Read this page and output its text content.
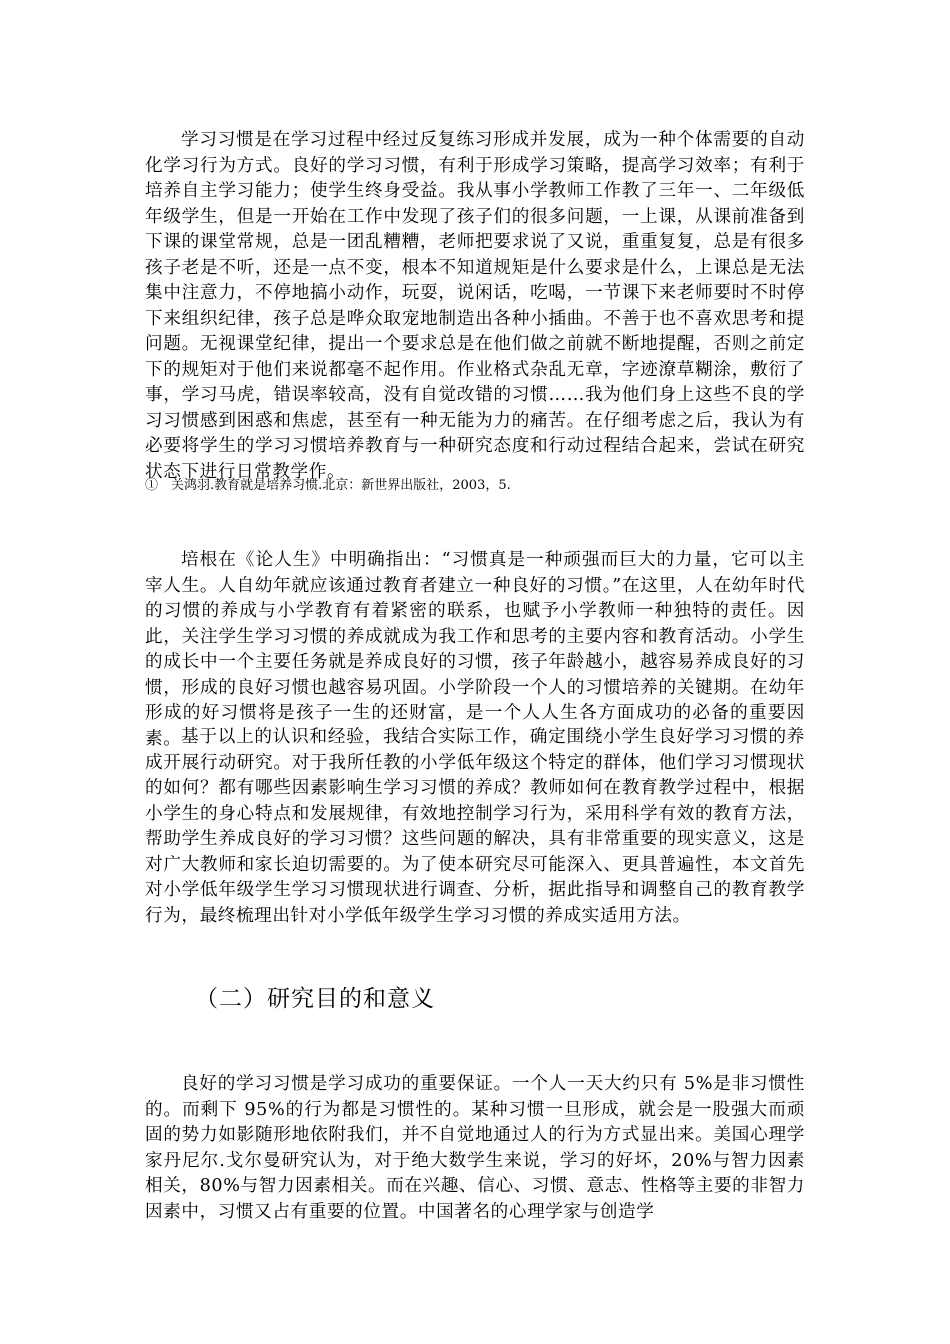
学习习惯是在学习过程中经过反复练习形成并发展，成为一种个体需要的自动化学习行为方式。良好的学习习惯，有利于形成学习策略，提高学习效率；有利于培养自主学习能力；使学生终身受益。我从事小学教师工作教了三年一、二年级低年级学生，但是一开始在工作中发现了孩子们的很多问题，一上课，从课前准备到下课的课堂常规，总是一团乱糟糟，老师把要求说了又说，重重复复，总是有很多孩子老是不听，还是一点不变，根本不知道规矩是什么要求是什么，上课总是无法集中注意力，不停地搞小动作，玩耍，说闲话，吃喝，一节课下来老师要时不时停下来组织纪律，孩子总是哗众取宠地制造出各种小插曲。不善于也不喜欢思考和提问题。无视课堂纪律，提出一个要求总是在他们做之前就不断地提醒，否则之前定下的规矩对于他们来说都毫不起作用。作业格式杂乱无章，字迹潦草糊涂，敷衍了事，学习马虎，错误率较高，没有自觉改错的习惯……我为他们身上这些不良的学习习惯感到困惑和焦虑，甚至有一种无能为力的痛苦。在仔细考虑之后，我认为有必要将学生的学习习惯培养教育与一种研究态度和行动过程结合起来，尝试在研究状态下进行日常教学作。

①　关鸿羽.教育就是培养习惯.北京：新世界出版社，2003，5.

培根在《论人生》中明确指出：“习惯真是一种顽强而巨大的力量，它可以主宰人生。人自幼年就应该通过教育者建立一种良好的习惯。”在这里，人在幼年时代的习惯的养成与小学教育有着紧密的联系，也赋予小学教师一种独特的责任。因此，关注学生学习习惯的养成就成为我工作和思考的主要内容和教育活动。小学生的成长中一个主要任务就是养成良好的习惯，孩子年龄越小，越容易养成良好的习惯，形成的良好习惯也越容易巩固。小学阶段一个人的习惯培养的关键期。在幼年形成的好习惯将是孩子一生的还财富，是一个人人生各方面成功的必备的重要因素。 基于以上的认识和经验，我结合实际工作，确定围绕小学生良好学习习惯的养成开展行动研究。对于我所任教的小学低年级这个特定的群体，他们学习习惯现状的如何？都有哪些因素影响生学习习惯的养成？教师如何在教育教学过程中，根据小学生的身心特点和发展规律，有效地控制学习行为，采用科学有效的教育方法，帮助学生养成良好的学习习惯？这些问题的解决，具有非常重要的现实意义，这是对广大教师和家长迫切需要的。为了使本研究尽可能深入、更具普遍性，本文首先对小学低年级学生学习习惯现状进行调查、分析，据此指导和调整自己的教育教学行为，最终梳理出针对小学低年级学生学习习惯的养成实适用方法。

（二）研究目的和意义

良好的学习习惯是学习成功的重要保证。一个人一天大约只有 5%是非习惯性的。而剩下 95%的行为都是习惯性的。某种习惯一旦形成，就会是一股强大而顽固的势力如影随形地依附我们，并不自觉地通过人的行为方式显出来。美国心理学家丹尼尔.戈尔曼研究认为，对于绝大数学生来说，学习的好坏，20%与智力因素相关，80%与智力因素相关。而在兴趣、信心、习惯、意志、性格等主要的非智力因素中，习惯又占有重要的位置。中国著名的心理学家与创造学
